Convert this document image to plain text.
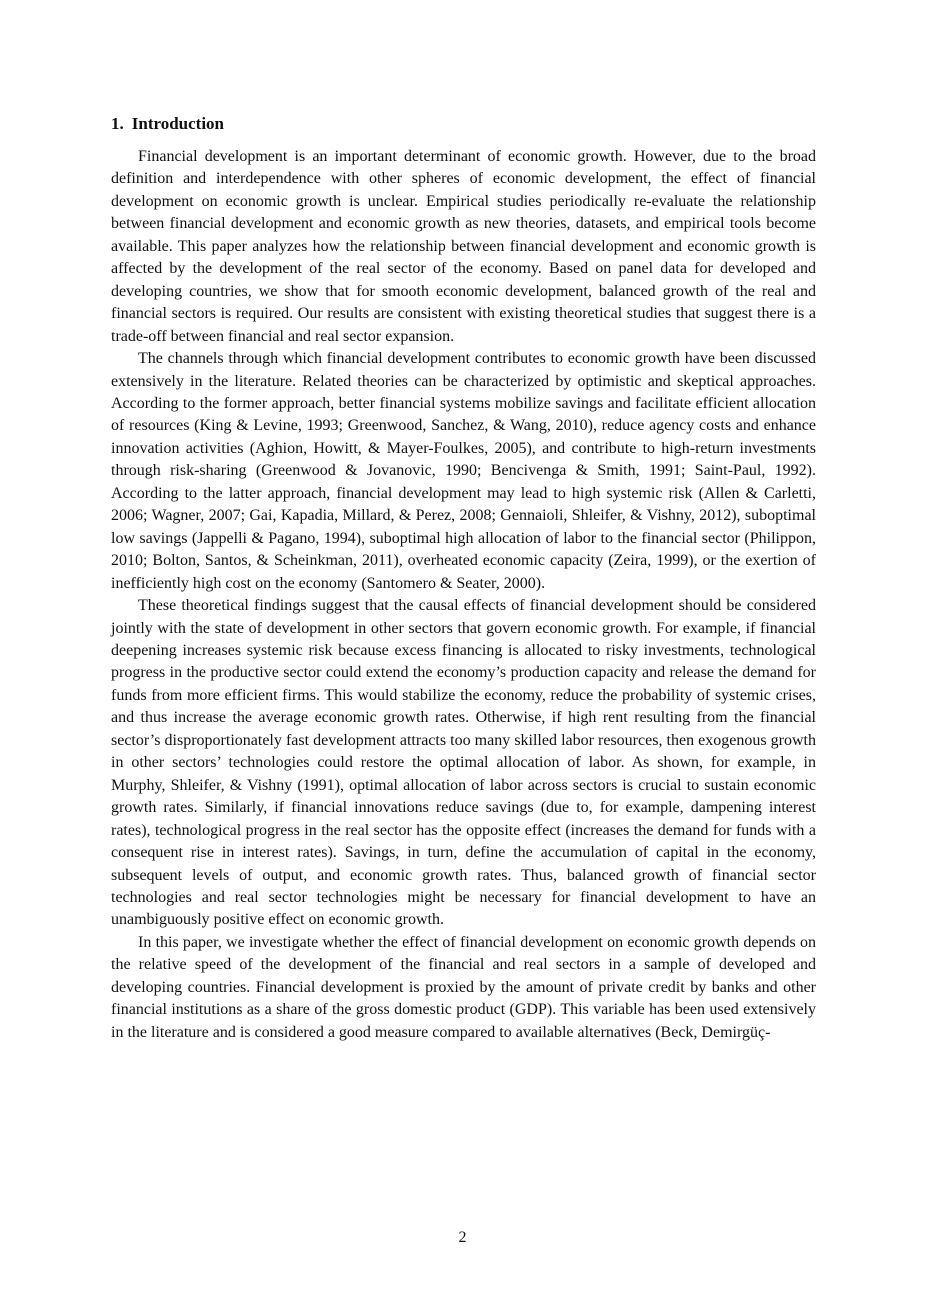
1. Introduction

Financial development is an important determinant of economic growth. However, due to the broad definition and interdependence with other spheres of economic development, the effect of financial development on economic growth is unclear. Empirical studies periodically re-evaluate the relationship between financial development and economic growth as new theories, datasets, and empirical tools become available. This paper analyzes how the relationship between financial development and economic growth is affected by the development of the real sector of the economy. Based on panel data for developed and developing countries, we show that for smooth economic development, balanced growth of the real and financial sectors is required. Our results are consistent with existing theoretical studies that suggest there is a trade-off between financial and real sector expansion.

The channels through which financial development contributes to economic growth have been discussed extensively in the literature. Related theories can be characterized by optimistic and skeptical approaches. According to the former approach, better financial systems mobilize savings and facilitate efficient allocation of resources (King & Levine, 1993; Greenwood, Sanchez, & Wang, 2010), reduce agency costs and enhance innovation activities (Aghion, Howitt, & Mayer-Foulkes, 2005), and contribute to high-return investments through risk-sharing (Greenwood & Jovanovic, 1990; Bencivenga & Smith, 1991; Saint-Paul, 1992). According to the latter approach, financial development may lead to high systemic risk (Allen & Carletti, 2006; Wagner, 2007; Gai, Kapadia, Millard, & Perez, 2008; Gennaioli, Shleifer, & Vishny, 2012), suboptimal low savings (Jappelli & Pagano, 1994), suboptimal high allocation of labor to the financial sector (Philippon, 2010; Bolton, Santos, & Scheinkman, 2011), overheated economic capacity (Zeira, 1999), or the exertion of inefficiently high cost on the economy (Santomero & Seater, 2000).

These theoretical findings suggest that the causal effects of financial development should be considered jointly with the state of development in other sectors that govern economic growth. For example, if financial deepening increases systemic risk because excess financing is allocated to risky investments, technological progress in the productive sector could extend the economy’s production capacity and release the demand for funds from more efficient firms. This would stabilize the economy, reduce the probability of systemic crises, and thus increase the average economic growth rates. Otherwise, if high rent resulting from the financial sector’s disproportionately fast development attracts too many skilled labor resources, then exogenous growth in other sectors’ technologies could restore the optimal allocation of labor. As shown, for example, in Murphy, Shleifer, & Vishny (1991), optimal allocation of labor across sectors is crucial to sustain economic growth rates. Similarly, if financial innovations reduce savings (due to, for example, dampening interest rates), technological progress in the real sector has the opposite effect (increases the demand for funds with a consequent rise in interest rates). Savings, in turn, define the accumulation of capital in the economy, subsequent levels of output, and economic growth rates. Thus, balanced growth of financial sector technologies and real sector technologies might be necessary for financial development to have an unambiguously positive effect on economic growth.

In this paper, we investigate whether the effect of financial development on economic growth depends on the relative speed of the development of the financial and real sectors in a sample of developed and developing countries. Financial development is proxied by the amount of private credit by banks and other financial institutions as a share of the gross domestic product (GDP). This variable has been used extensively in the literature and is considered a good measure compared to available alternatives (Beck, Demirgüç-

2
